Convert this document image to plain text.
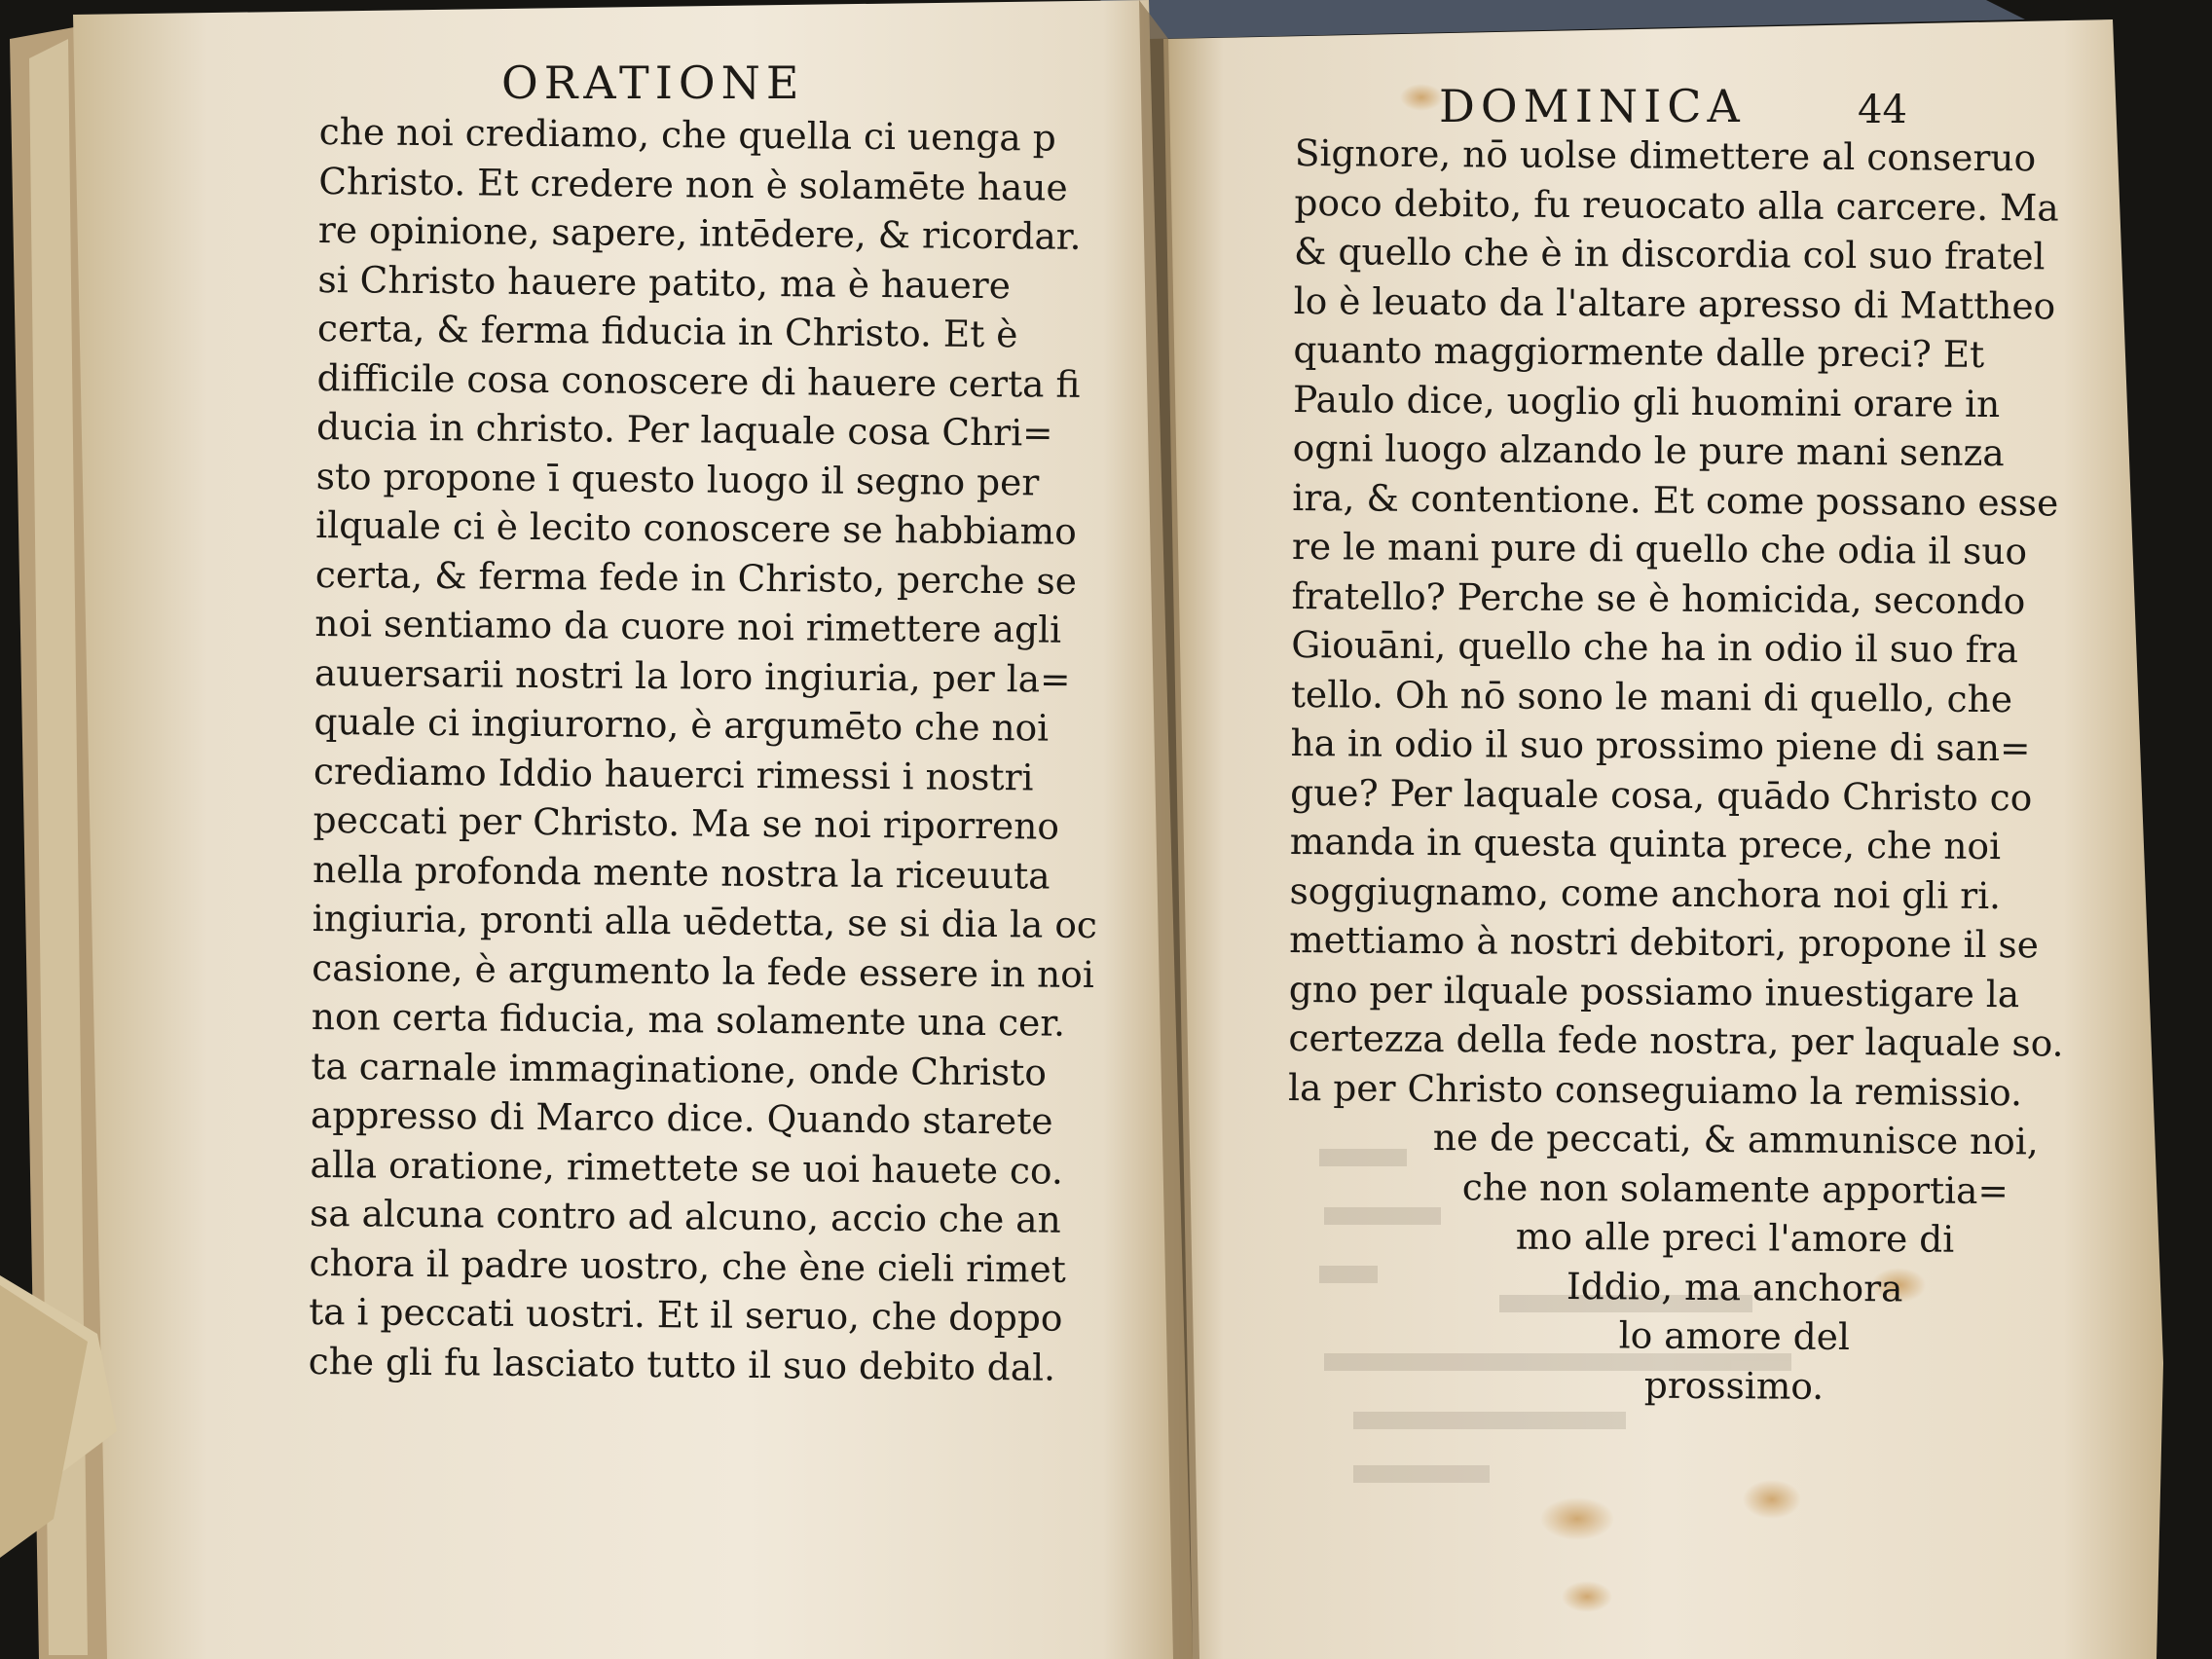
ORATIONE	DOMINICA	44
che noi crediamo, che quella ci uenga p
Christo. Et credere non è solamēte haue
re opinione, sapere, intēdere, & ricordar.
si Christo hauere patito, ma è hauere
certa, & ferma fiducia in Christo. Et è
difficile cosa conoscere di hauere certa fi
ducia in christo. Per laquale cosa Chri=
sto propone ī questo luogo il segno per
ilquale ci è lecito conoscere se habbiamo
certa, & ferma fede in Christo, perche se
noi sentiamo da cuore noi rimettere agli
auuersarii nostri la loro ingiuria, per la=
quale ci ingiurorno, è argumēto che noi
crediamo Iddio hauerci rimessi i nostri
peccati per Christo. Ma se noi riporreno
nella profonda mente nostra la riceuuta
ingiuria, pronti alla uēdetta, se si dia la oc
casione, è argumento la fede essere in noi
non certa fiducia, ma solamente una cer.
ta carnale immaginatione, onde Christo
appresso di Marco dice. Quando starete
alla oratione, rimettete se uoi hauete co.
sa alcuna contro ad alcuno, accio che an
chora il padre uostro, che ène cieli rimet
ta i peccati uostri. Et il seruo, che doppo
che gli fu lasciato tutto il suo debito dal.
Signore, nō uolse dimettere al conseruo
poco debito, fu reuocato alla carcere. Ma
& quello che è in discordia col suo fratel
lo è leuato da l'altare apresso di Mattheo
quanto maggiormente dalle preci? Et
Paulo dice, uoglio gli huomini orare in
ogni luogo alzando le pure mani senza
ira, & contentione. Et come possano esse
re le mani pure di quello che odia il suo
fratello? Perche se è homicida, secondo
Giouāni, quello che ha in odio il suo fra
tello. Oh nō sono le mani di quello, che
ha in odio il suo prossimo piene di san=
gue? Per laquale cosa, quādo Christo co
manda in questa quinta prece, che noi
soggiugnamo, come anchora noi gli ri.
mettiamo à nostri debitori, propone il se
gno per ilquale possiamo inuestigare la
certezza della fede nostra, per laquale so.
la per Christo conseguiamo la remissio.
ne de peccati, & ammunisce noi,
che non solamente apportia=
mo alle preci l'amore di
Iddio, ma anchora
lo amore del
prossimo.
